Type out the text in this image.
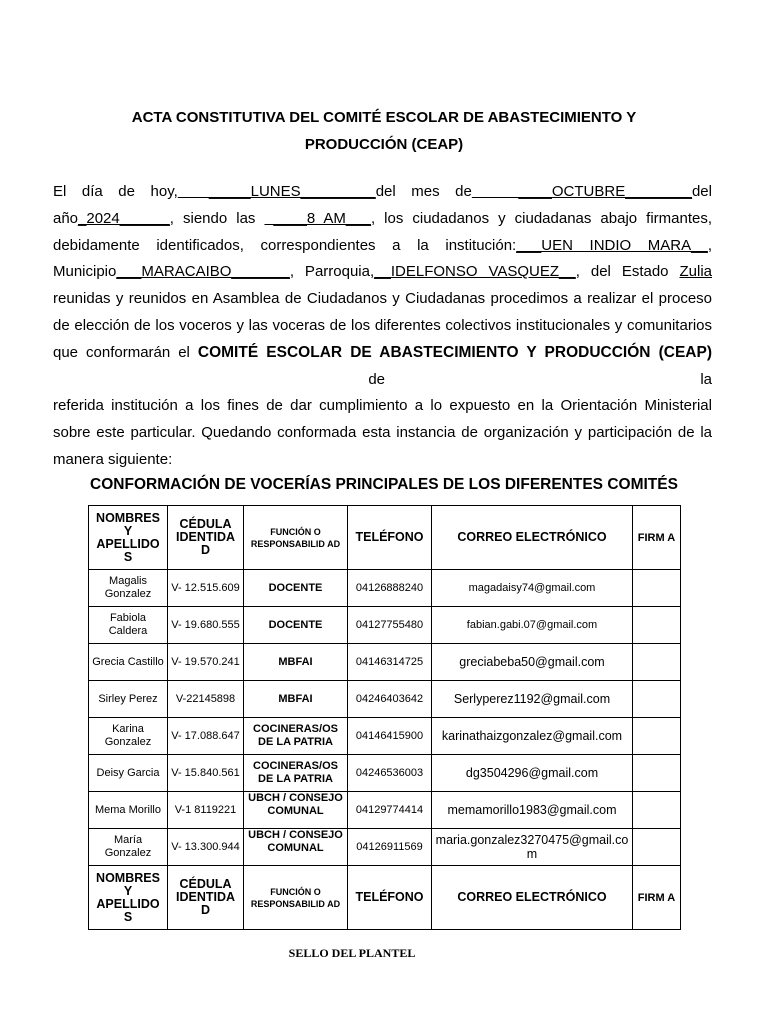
ACTA CONSTITUTIVA DEL COMITÉ ESCOLAR DE ABASTECIMIENTO Y
PRODUCCIÓN (CEAP)

El día de hoy,  _____LUNES_________del mes de   ____OCTUBRE________del

año_2024______, siendo las  ____8 AM___, los ciudadanos y ciudadanas abajo firmantes,

debidamente identificados, correspondientes a la institución:___UEN INDIO MARA__,

Municipio___MARACAIBO_______, Parroquia,__IDELFONSO VASQUEZ__, del Estado Zulia

reunidas y reunidos en Asamblea de Ciudadanos y Ciudadanas procedimos a realizar el proceso

de elección de los voceros y las voceras de los diferentes colectivos institucionales y comunitarios

que conformarán el COMITÉ ESCOLAR DE ABASTECIMIENTO Y PRODUCCIÓN (CEAP) de la

referida institución a los fines de dar cumplimiento a lo expuesto en la Orientación Ministerial

sobre este particular. Quedando conformada esta instancia de organización y participación de la

manera siguiente:

CONFORMACIÓN DE VOCERÍAS PRINCIPALES DE LOS DIFERENTES COMITÉS
NOMBRES Y APELLIDO S	CÉDULA IDENTIDA D	FUNCIÓN O RESPONSABILID AD	TELÉFONO	CORREO ELECTRÓNICO	FIRM A
Magalis Gonzalez	V- 12.515.609	DOCENTE	04126888240	magadaisy74@gmail.com	
Fabiola Caldera	V- 19.680.555	DOCENTE	04127755480	fabian.gabi.07@gmail.com	
Grecia Castillo	V- 19.570.241	MBFAI	04146314725	greciabeba50@gmail.com	
Sirley Perez	V-22145898	MBFAI	04246403642	Serlyperez1192@gmail.com	
Karina Gonzalez	V- 17.088.647	COCINERAS/OS DE LA PATRIA	04146415900	karinathaizgonzalez@gmail.com	
Deisy Garcia	V- 15.840.561	COCINERAS/OS DE LA PATRIA	04246536003	dg3504296@gmail.com	
Mema Morillo	V-1 8119221	UBCH / CONSEJO COMUNAL	04129774414	memamorillo1983@gmail.com	
María Gonzalez	V- 13.300.944	UBCH / CONSEJO COMUNAL	04126911569	maria.gonzalez3270475@gmail.com	
NOMBRES Y APELLIDO S	CÉDULA IDENTIDA D	FUNCIÓN O RESPONSABILID AD	TELÉFONO	CORREO ELECTRÓNICO	FIRM A
SELLO DEL PLANTEL
